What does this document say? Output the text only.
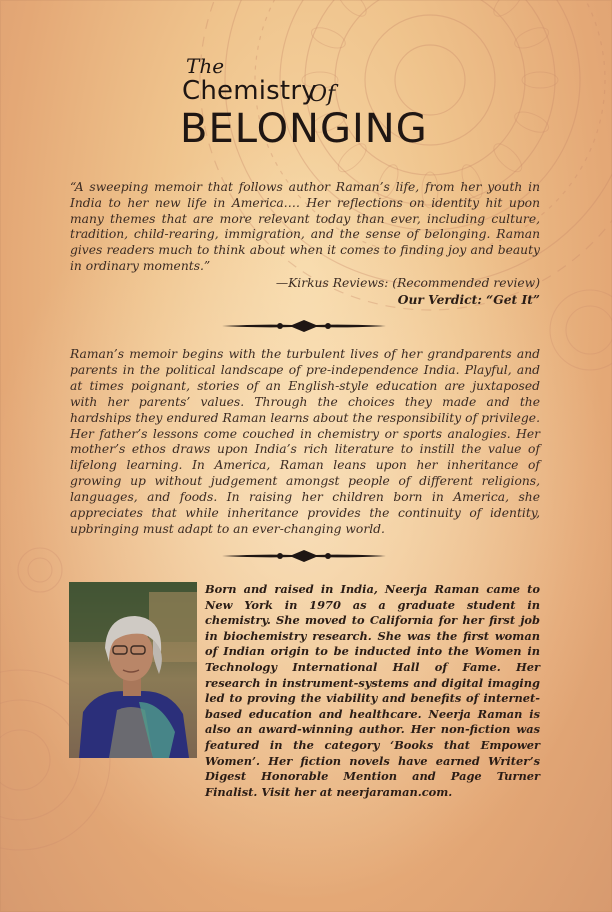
The
Chemistry
Of
BELONGING
“A sweeping memoir that follows author Raman’s life, from her youth in India to her new life in America…. Her reflections on identity hit upon many themes that are more relevant today than ever, including culture, tradition, child-rearing, immigration, and the sense of belonging. Raman gives readers much to think about when it comes to finding joy and beauty in ordinary moments.”
—Kirkus Reviews: (Recommended review)
Our Verdict: “Get It”
Raman’s memoir begins with the turbulent lives of her grandparents and parents in the political landscape of pre-independence India. Playful, and at times poignant, stories of an English-style education are juxtaposed with her parents’ values. Through the choices they made and the hardships they endured Raman learns about the responsibility of privilege. Her father’s lessons come couched in chemistry or sports analogies. Her mother’s ethos draws upon India’s rich literature to instill the value of lifelong learning. In America, Raman leans upon her inheritance of growing up without judgement amongst people of different religions, languages, and foods. In raising her children born in America, she appreciates that while inheritance provides the continuity of identity, upbringing must adapt to an ever-changing world.
Born and raised in India, Neerja Raman came to New York in 1970 as a graduate student in chemistry. She moved to California for her first job in biochemistry research. She was the first woman of Indian origin to be inducted into the Women in Technology International Hall of Fame. Her research in instrument-systems and digital imaging led to proving the viability and benefits of internet-based education and healthcare. Neerja Raman is also an award-winning author. Her non-fiction was featured in the category ‘Books that Empower Women’. Her fiction novels have earned Writer’s Digest Honorable Mention and Page Turner Finalist. Visit her at neerjaraman.com.
